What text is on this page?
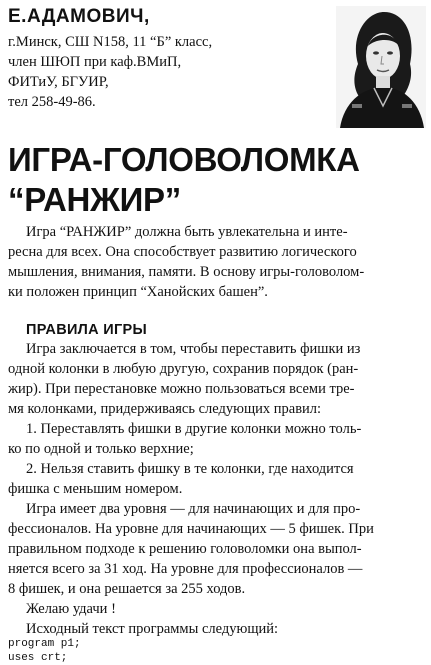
Е.АДАМОВИЧ,
г.Минск, СШ N158, 11 “Б” класс,
член ШЮП при каф.ВМиП,
ФИТиУ, БГУИР,
тел 258-49-86.
ИГРА-ГОЛОВОЛОМКА
“РАНЖИР”
Игра “РАНЖИР” должна быть увлекательна и инте-
ресна для всех. Она способствует развитию логического
мышления, внимания, памяти. В основу игры-головолом-
ки положен принцип “Ханойских башен”.
ПРАВИЛА ИГРЫ
Игра заключается в том, чтобы переставить фишки из
одной колонки в любую другую, сохранив порядок (ран-
жир). При перестановке можно пользоваться всеми тре-
мя колонками, придерживаясь следующих правил:
1. Переставлять фишки в другие колонки можно толь-
ко по одной и только верхние;
2. Нельзя ставить фишку в те колонки, где находится
фишка с меньшим номером.
Игра имеет два уровня — для начинающих и для про-
фессионалов. На уровне для начинающих — 5 фишек. При
правильном подходе к решению головоломки она выпол-
няется всего за 31 ход. На уровне для профессионалов —
8 фишек, и она решается за 255 ходов.
Желаю удачи !
Исходный текст программы следующий:
program p1;
uses crt;
